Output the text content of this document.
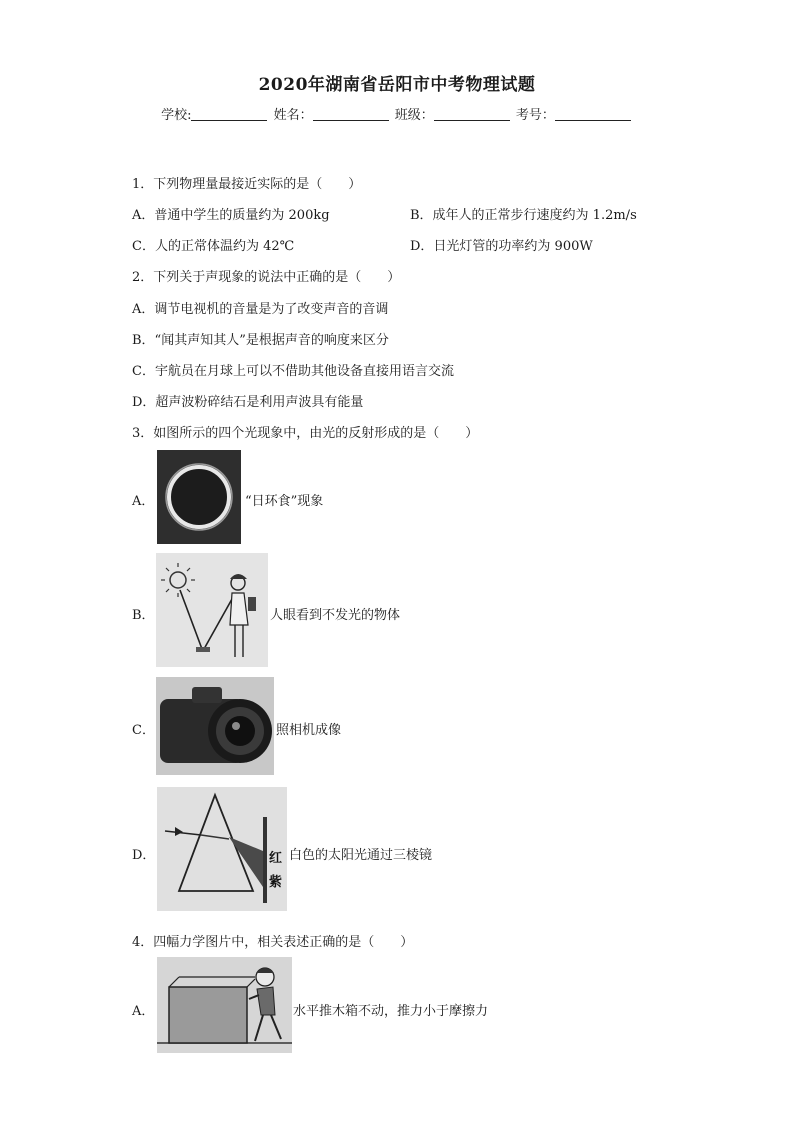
2020年湖南省岳阳市中考物理试题
学校:	姓名：	班级：	考号：
1．下列物理量最接近实际的是（　　）
A．普通中学生的质量约为 200kg	B．成年人的正常步行速度约为 1.2m/s
C．人的正常体温约为 42℃	D．日光灯管的功率约为 900W
2．下列关于声现象的说法中正确的是（　　）
A．调节电视机的音量是为了改变声音的音调
B．“闻其声知其人”是根据声音的响度来区分
C．宇航员在月球上可以不借助其他设备直接用语言交流
D．超声波粉碎结石是利用声波具有能量
3．如图所示的四个光现象中，由光的反射形成的是（　　）
A．	“日环食”现象
B．	人眼看到不发光的物体
C．	照相机成像
D．	红
紫
白色的太阳光通过三棱镜
4．四幅力学图片中，相关表述正确的是（　　）
A．	水平推木箱不动，推力小于摩擦力
